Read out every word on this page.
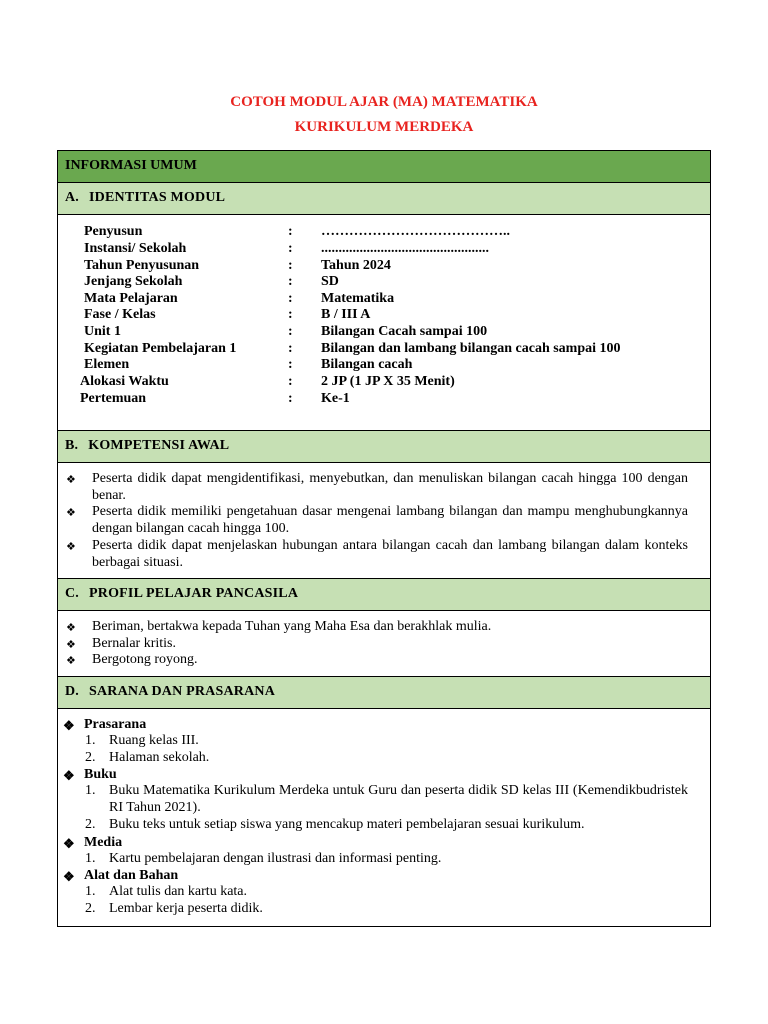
COTOH MODUL AJAR (MA) MATEMATIKA
KURIKULUM MERDEKA
INFORMASI UMUM
A. IDENTITAS MODUL
Penyusun	: …………………………………..
Instansi/ Sekolah	: ................................................
Tahun Penyusunan	: Tahun 2024
Jenjang Sekolah	: SD
Mata Pelajaran	: Matematika
Fase / Kelas	: B / III A
Unit 1	: Bilangan Cacah sampai 100
Kegiatan Pembelajaran 1	: Bilangan dan lambang bilangan cacah sampai 100
Elemen	: Bilangan cacah
Alokasi Waktu	: 2 JP (1 JP X 35 Menit)
Pertemuan	: Ke-1
B. KOMPETENSI AWAL
❖ Peserta didik dapat mengidentifikasi, menyebutkan, dan menuliskan bilangan cacah hingga 100 dengan benar.
❖ Peserta didik memiliki pengetahuan dasar mengenai lambang bilangan dan mampu menghubungkannya dengan bilangan cacah hingga 100.
❖ Peserta didik dapat menjelaskan hubungan antara bilangan cacah dan lambang bilangan dalam konteks berbagai situasi.
C. PROFIL PELAJAR PANCASILA
❖ Beriman, bertakwa kepada Tuhan yang Maha Esa dan berakhlak mulia.
❖ Bernalar kritis.
❖ Bergotong royong.
D. SARANA DAN PRASARANA
❖ Prasarana
1. Ruang kelas III.
2. Halaman sekolah.
❖ Buku
1. Buku Matematika Kurikulum Merdeka untuk Guru dan peserta didik SD kelas III (Kemendikbudristek RI Tahun 2021).
2. Buku teks untuk setiap siswa yang mencakup materi pembelajaran sesuai kurikulum.
❖ Media
1. Kartu pembelajaran dengan ilustrasi dan informasi penting.
❖ Alat dan Bahan
1. Alat tulis dan kartu kata.
2. Lembar kerja peserta didik.
